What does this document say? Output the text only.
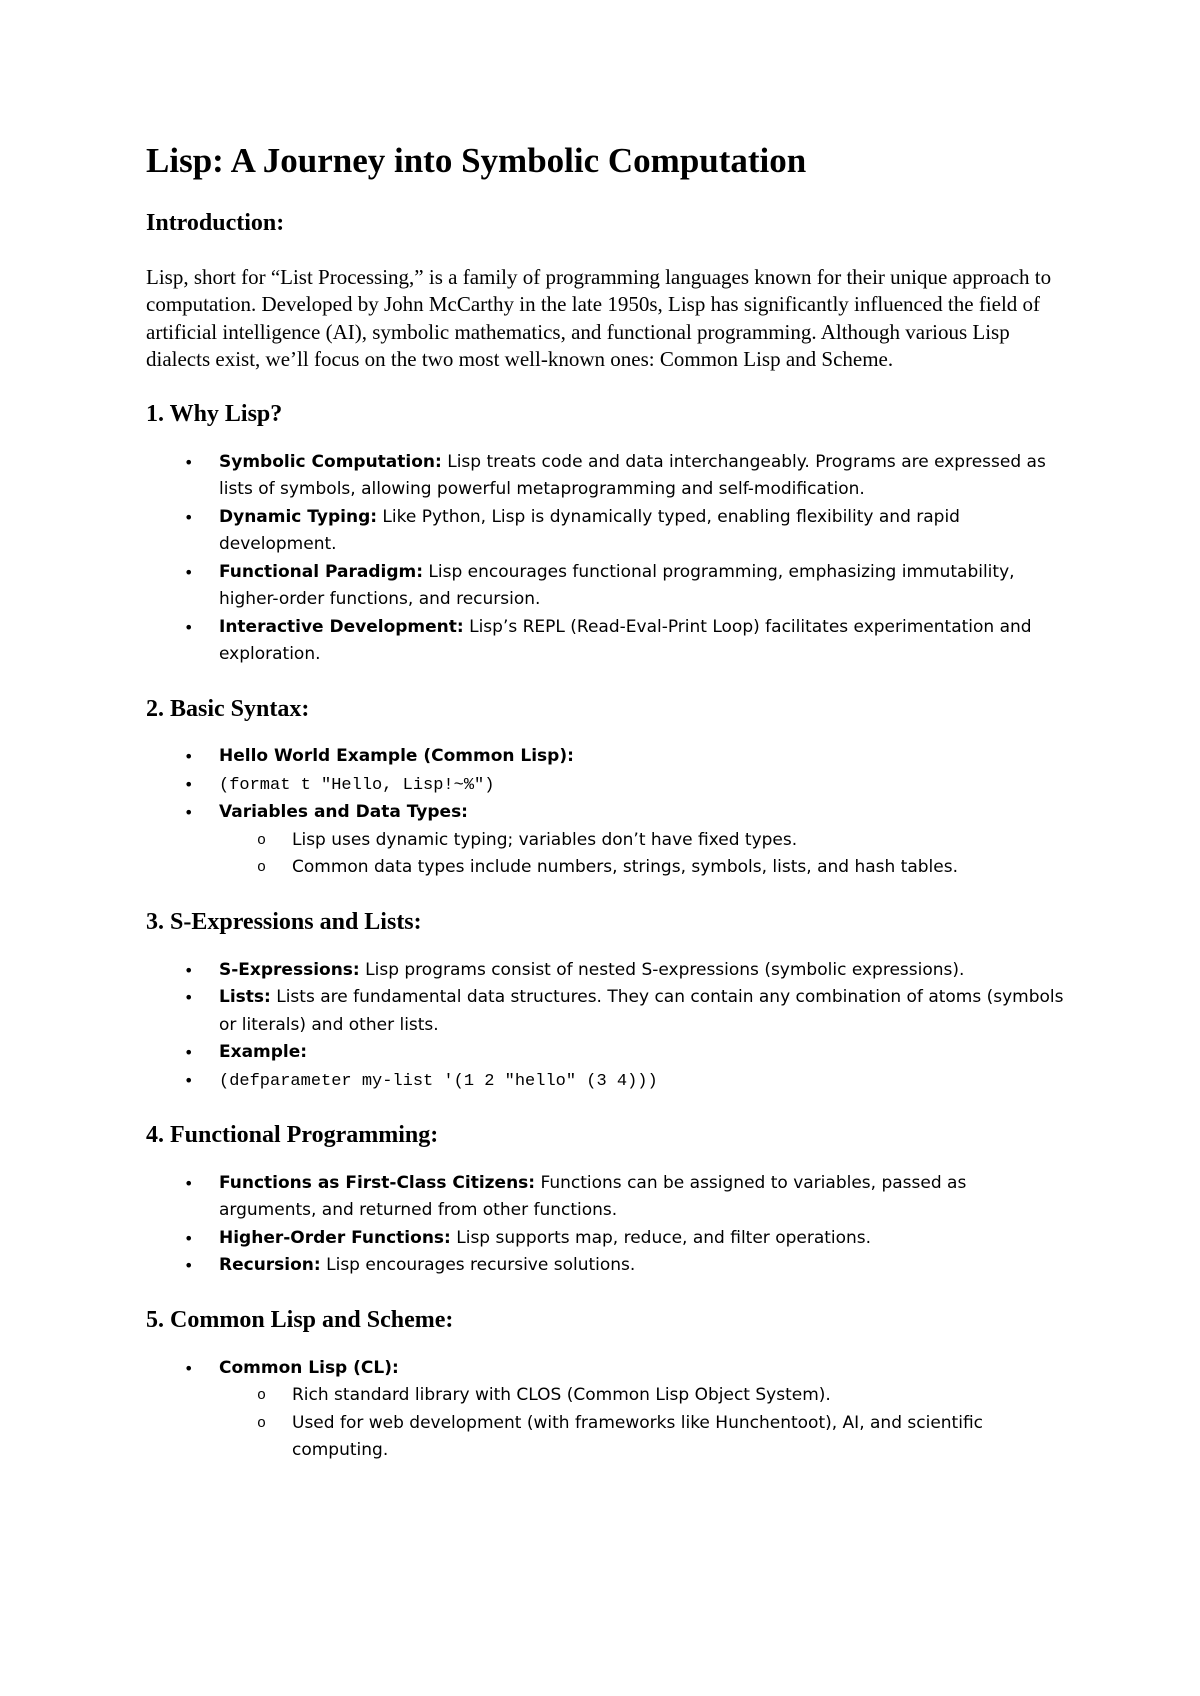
Lisp: A Journey into Symbolic Computation
Introduction:

Lisp, short for “List Processing,” is a family of programming languages known for their unique approach to computation. Developed by John McCarthy in the late 1950s, Lisp has significantly influenced the field of artificial intelligence (AI), symbolic mathematics, and functional programming. Although various Lisp dialects exist, we’ll focus on the two most well-known ones: Common Lisp and Scheme.

1. Why Lisp?
• Symbolic Computation: Lisp treats code and data interchangeably. Programs are expressed as lists of symbols, allowing powerful metaprogramming and self-modification.
• Dynamic Typing: Like Python, Lisp is dynamically typed, enabling flexibility and rapid development.
• Functional Paradigm: Lisp encourages functional programming, emphasizing immutability, higher-order functions, and recursion.
• Interactive Development: Lisp’s REPL (Read-Eval-Print Loop) facilitates experimentation and exploration.
2. Basic Syntax:
• Hello World Example (Common Lisp):
• (format t "Hello, Lisp!~%")
• Variables and Data Types:
o Lisp uses dynamic typing; variables don’t have fixed types.
o Common data types include numbers, strings, symbols, lists, and hash tables.
3. S-Expressions and Lists:
• S-Expressions: Lisp programs consist of nested S-expressions (symbolic expressions).
• Lists: Lists are fundamental data structures. They can contain any combination of atoms (symbols or literals) and other lists.
• Example:
• (defparameter my-list '(1 2 "hello" (3 4)))
4. Functional Programming:
• Functions as First-Class Citizens: Functions can be assigned to variables, passed as arguments, and returned from other functions.
• Higher-Order Functions: Lisp supports map, reduce, and filter operations.
• Recursion: Lisp encourages recursive solutions.
5. Common Lisp and Scheme:
• Common Lisp (CL):
o Rich standard library with CLOS (Common Lisp Object System).
o Used for web development (with frameworks like Hunchentoot), AI, and scientific computing.
